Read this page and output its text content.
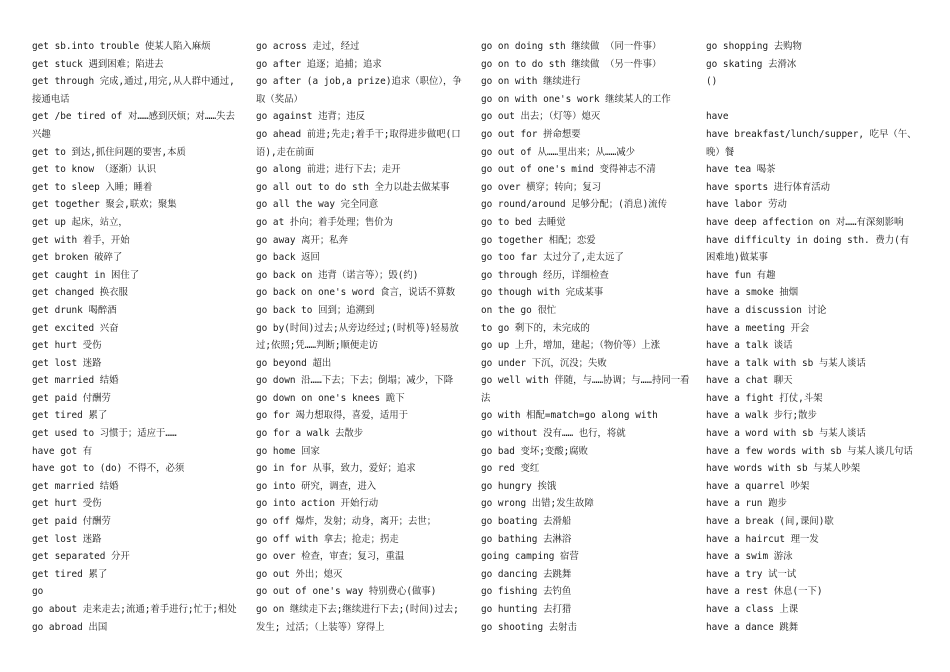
get sb.into trouble 使某人陷入麻烦
get stuck 遇到困难；陷进去
get through 完成,通过,用完,从人群中通过,接通电话
get /be tired of 对……感到厌烦；对……失去兴趣
get to 到达,抓住问题的要害,本质
get to know （逐渐）认识
get to sleep 入睡；睡着
get together 聚会,联欢；聚集
get up 起床，站立，
get with 着手，开始
get broken 破碎了
get caught in 困住了
get changed 换衣服
get drunk 喝醉酒
get excited 兴奋
get hurt 受伤
get lost 迷路
get married 结婚
get paid 付酬劳
get tired 累了
get used to 习惯于；适应于……
have got 有
have got to (do) 不得不，必须
get married 结婚
get hurt 受伤
get paid 付酬劳
get lost 迷路
get separated 分开
get tired 累了
go
go about 走来走去;流通;着手进行;忙于;相处
go abroad 出国
go across 走过，经过
go after 追逐；追捕；追求
go after (a job,a prize)追求（职位），争取（奖品）
go against 违背；违反
go ahead 前进;先走;着手干;取得进步做吧(口语),走在前面
go along 前进；进行下去；走开
go all out to do sth 全力以赴去做某事
go all the way 完全同意
go at 扑向；着手处理；售价为
go away 离开；私奔
go back 返回
go back on 违背（诺言等）；毁(约)
go back on one's word 食言，说话不算数
go back to 回到；追溯到
go by(时间)过去;从旁边经过;(时机等)轻易放过;依照;凭……判断;顺便走访
go beyond 超出
go down 沿……下去；下去；倒塌；减少，下降
go down on one's knees 跪下
go for 竭力想取得，喜爱，适用于
go for a walk 去散步
go home 回家
go in for 从事，致力，爱好；追求
go into 研究，调查，进入
go into action 开始行动
go off 爆炸，发射；动身，离开；去世；
go off with 拿去；抢走；拐走
go over 检查，审查；复习，重温
go out 外出；熄灭
go out of one's way 特别费心(做事)
go on 继续走下去;继续进行下去;(时间)过去;发生; 过活；（上装等）穿得上
go on doing sth 继续做 （同一件事）
go on to do sth 继续做 （另一件事）
go on with 继续进行
go on with one's work 继续某人的工作
go out 出去；（灯等）熄灭
go out for 拼命想要
go out of 从……里出来；从……减少
go out of one's mind 变得神志不清
go over 横穿；转向；复习
go round/around 足够分配；(消息)流传
go to bed 去睡觉
go together 相配；恋爱
go too far 太过分了,走太远了
go through 经历，详细检查
go though with 完成某事
on the go 很忙
to go 剩下的，未完成的
go up 上升，增加，建起；（物价等）上涨
go under 下沉，沉没；失败
go well with 伴随，与……协调；与……持同一看法
go with 相配=match=go along with
go without 没有…… 也行，将就
go bad 变坏;变酸;腐败
go red 变红
go hungry 挨饿
go wrong 出错;发生故障
go boating 去滑船
go bathing 去淋浴
going camping 宿营
go dancing 去跳舞
go fishing 去钓鱼
go hunting 去打猎
go shooting 去射击
go shopping 去购物
go skating 去滑冰
()

have
have breakfast/lunch/supper, 吃早（午、晚）餐
have tea 喝茶
have sports 进行体育活动
have labor 劳动
have deep affection on 对……有深刻影响
have difficulty in doing sth. 费力(有困难地)做某事
have fun 有趣
have a smoke 抽烟
have a discussion 讨论
have a meeting 开会
have a talk 谈话
have a talk with sb 与某人谈话
have a chat 聊天
have a fight 打仗,斗架
have a walk 步行;散步
have a word with sb 与某人谈话
have a few words with sb 与某人谈几句话
have words with sb 与某人吵架
have a quarrel 吵架
have a run 跑步
have a break (间,课间)歇
have a haircut 理一发
have a swim 游泳
have a try 试一试
have a rest 休息(一下)
have a class 上课
have a dance 跳舞
